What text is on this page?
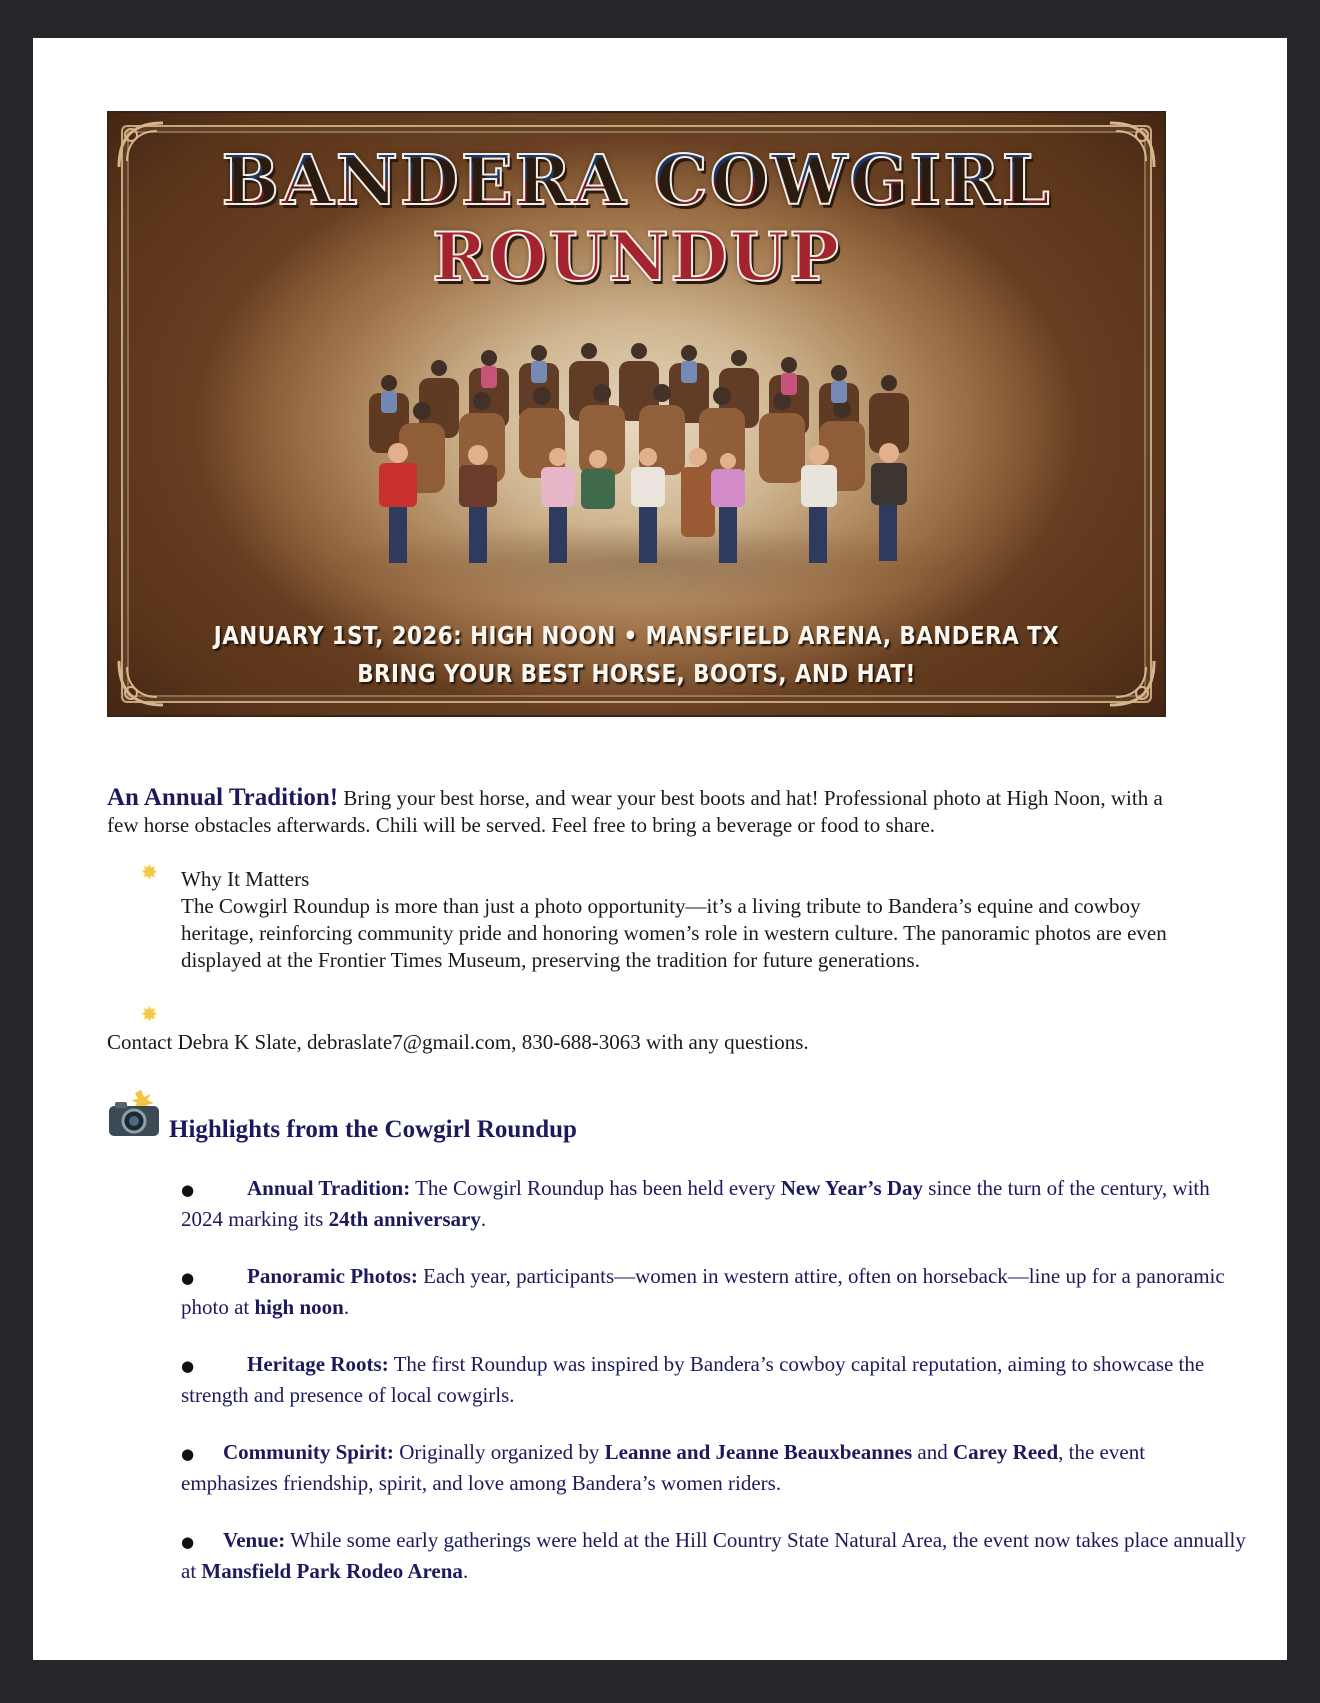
BANDERA COWGIRL
ROUNDUP
JANUARY 1ST, 2026: HIGH NOON • MANSFIELD ARENA, BANDERA TX
BRING YOUR BEST HORSE, BOOTS, AND HAT!

An Annual Tradition! Bring your best horse, and wear your best boots and hat! Professional photo at High Noon, with a few horse obstacles afterwards. Chili will be served. Feel free to bring a beverage or food to share.

✸
✸

Why It Matters

The Cowgirl Roundup is more than just a photo opportunity—it’s a living tribute to Bandera’s equine and cowboy heritage, reinforcing community pride and honoring women’s role in western culture. The panoramic photos are even displayed at the Frontier Times Museum, preserving the tradition for future generations.

Contact Debra K Slate, debraslate7@gmail.com, 830-688-3063 with any questions.

Highlights from the Cowgirl Roundup
●	Annual Tradition: The Cowgirl Roundup has been held every New Year’s Day since the turn of the century, with 2024 marking its 24th anniversary.
●	Panoramic Photos: Each year, participants—women in western attire, often on horseback—line up for a panoramic photo at high noon.
●	Heritage Roots: The first Roundup was inspired by Bandera’s cowboy capital reputation, aiming to showcase the strength and presence of local cowgirls.
● Community Spirit: Originally organized by Leanne and Jeanne Beauxbeannes and Carey Reed, the event emphasizes friendship, spirit, and love among Bandera’s women riders.
● Venue: While some early gatherings were held at the Hill Country State Natural Area, the event now takes place annually at Mansfield Park Rodeo Arena.
